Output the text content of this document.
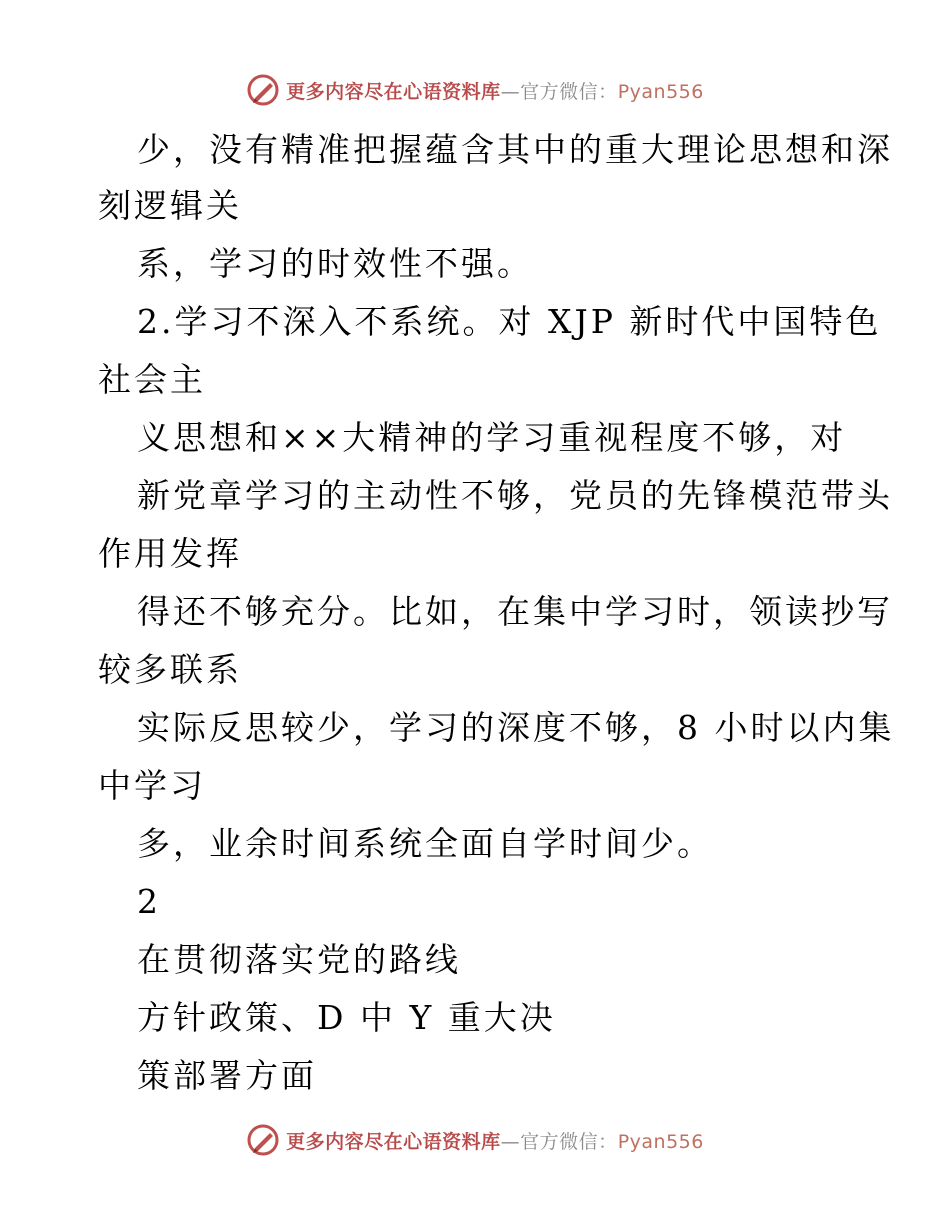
更多内容尽在心语资料库—官方微信：Pyan556
少，没有精准把握蕴含其中的重大理论思想和深
刻逻辑关
系，学习的时效性不强。
2.学习不深入不系统。对 XJP 新时代中国特色
社会主
义思想和××大精神的学习重视程度不够，对
新党章学习的主动性不够，党员的先锋模范带头
作用发挥
得还不够充分。比如，在集中学习时，领读抄写
较多联系
实际反思较少，学习的深度不够，8 小时以内集
中学习
多，业余时间系统全面自学时间少。
2
在贯彻落实党的路线
方针政策、D 中 Y 重大决
策部署方面
更多内容尽在心语资料库—官方微信：Pyan556
